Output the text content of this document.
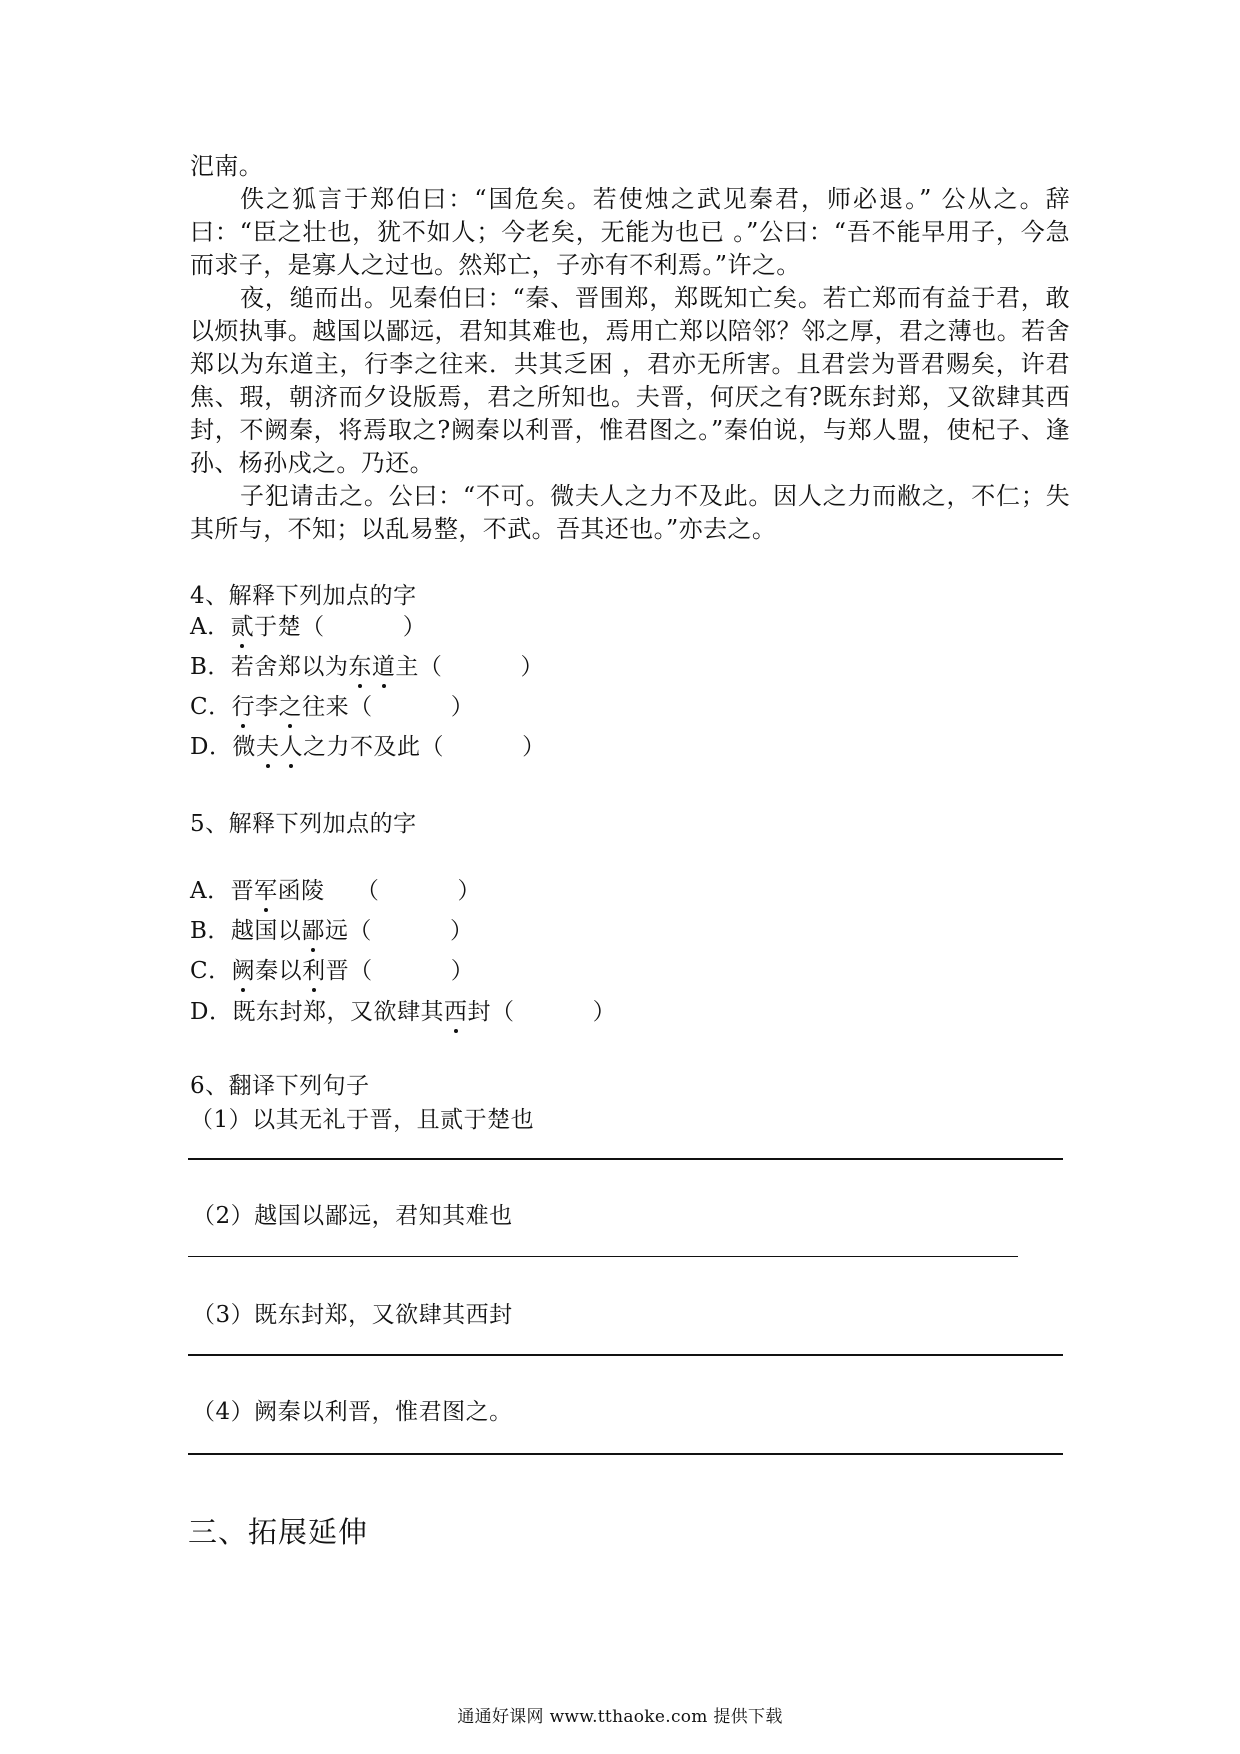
汜南。

佚之狐言于郑伯曰：“国危矣。若使烛之武见秦君，师必退。” 公从之。辞曰：“臣之壮也，犹不如人；今老矣，无能为也已 。”公曰：“吾不能早用子，今急而求子，是寡人之过也。然郑亡，子亦有不利焉。”许之。

夜，缒而出。见秦伯曰：“秦、晋围郑，郑既知亡矣。若亡郑而有益于君，敢以烦执事。越国以鄙远，君知其难也，焉用亡郑以陪邻？邻之厚，君之薄也。若舍郑以为东道主，行李之往来．共其乏困 ，君亦无所害。且君尝为晋君赐矣，许君焦、瑕，朝济而夕设版焉，君之所知也。夫晋，何厌之有?既东封郑，又欲肆其西封，不阙秦，将焉取之?阙秦以利晋，惟君图之。”秦伯说，与郑人盟，使杞子、逢孙、杨孙戍之。乃还。

子犯请击之。公曰：“不可。微夫人之力不及此。因人之力而敝之，不仁；失其所与，不知；以乱易整，不武。吾其还也。”亦去之。

4、解释下列加点的字
A．贰于楚（          ）
B．若舍郑以为东道主（          ）
C．行李之往来（          ）
D．微夫人之力不及此（          ）
5、解释下列加点的字
A．晋军函陵    （          ）
B．越国以鄙远（          ）
C．阙秦以利晋（          ）
D．既东封郑，又欲肆其西封（          ）
6、翻译下列句子
（1）以其无礼于晋，且贰于楚也
（2）越国以鄙远，君知其难也
（3）既东封郑，又欲肆其西封
（4）阙秦以利晋，惟君图之。
三、拓展延伸
通通好课网 www.tthaoke.com 提供下载
